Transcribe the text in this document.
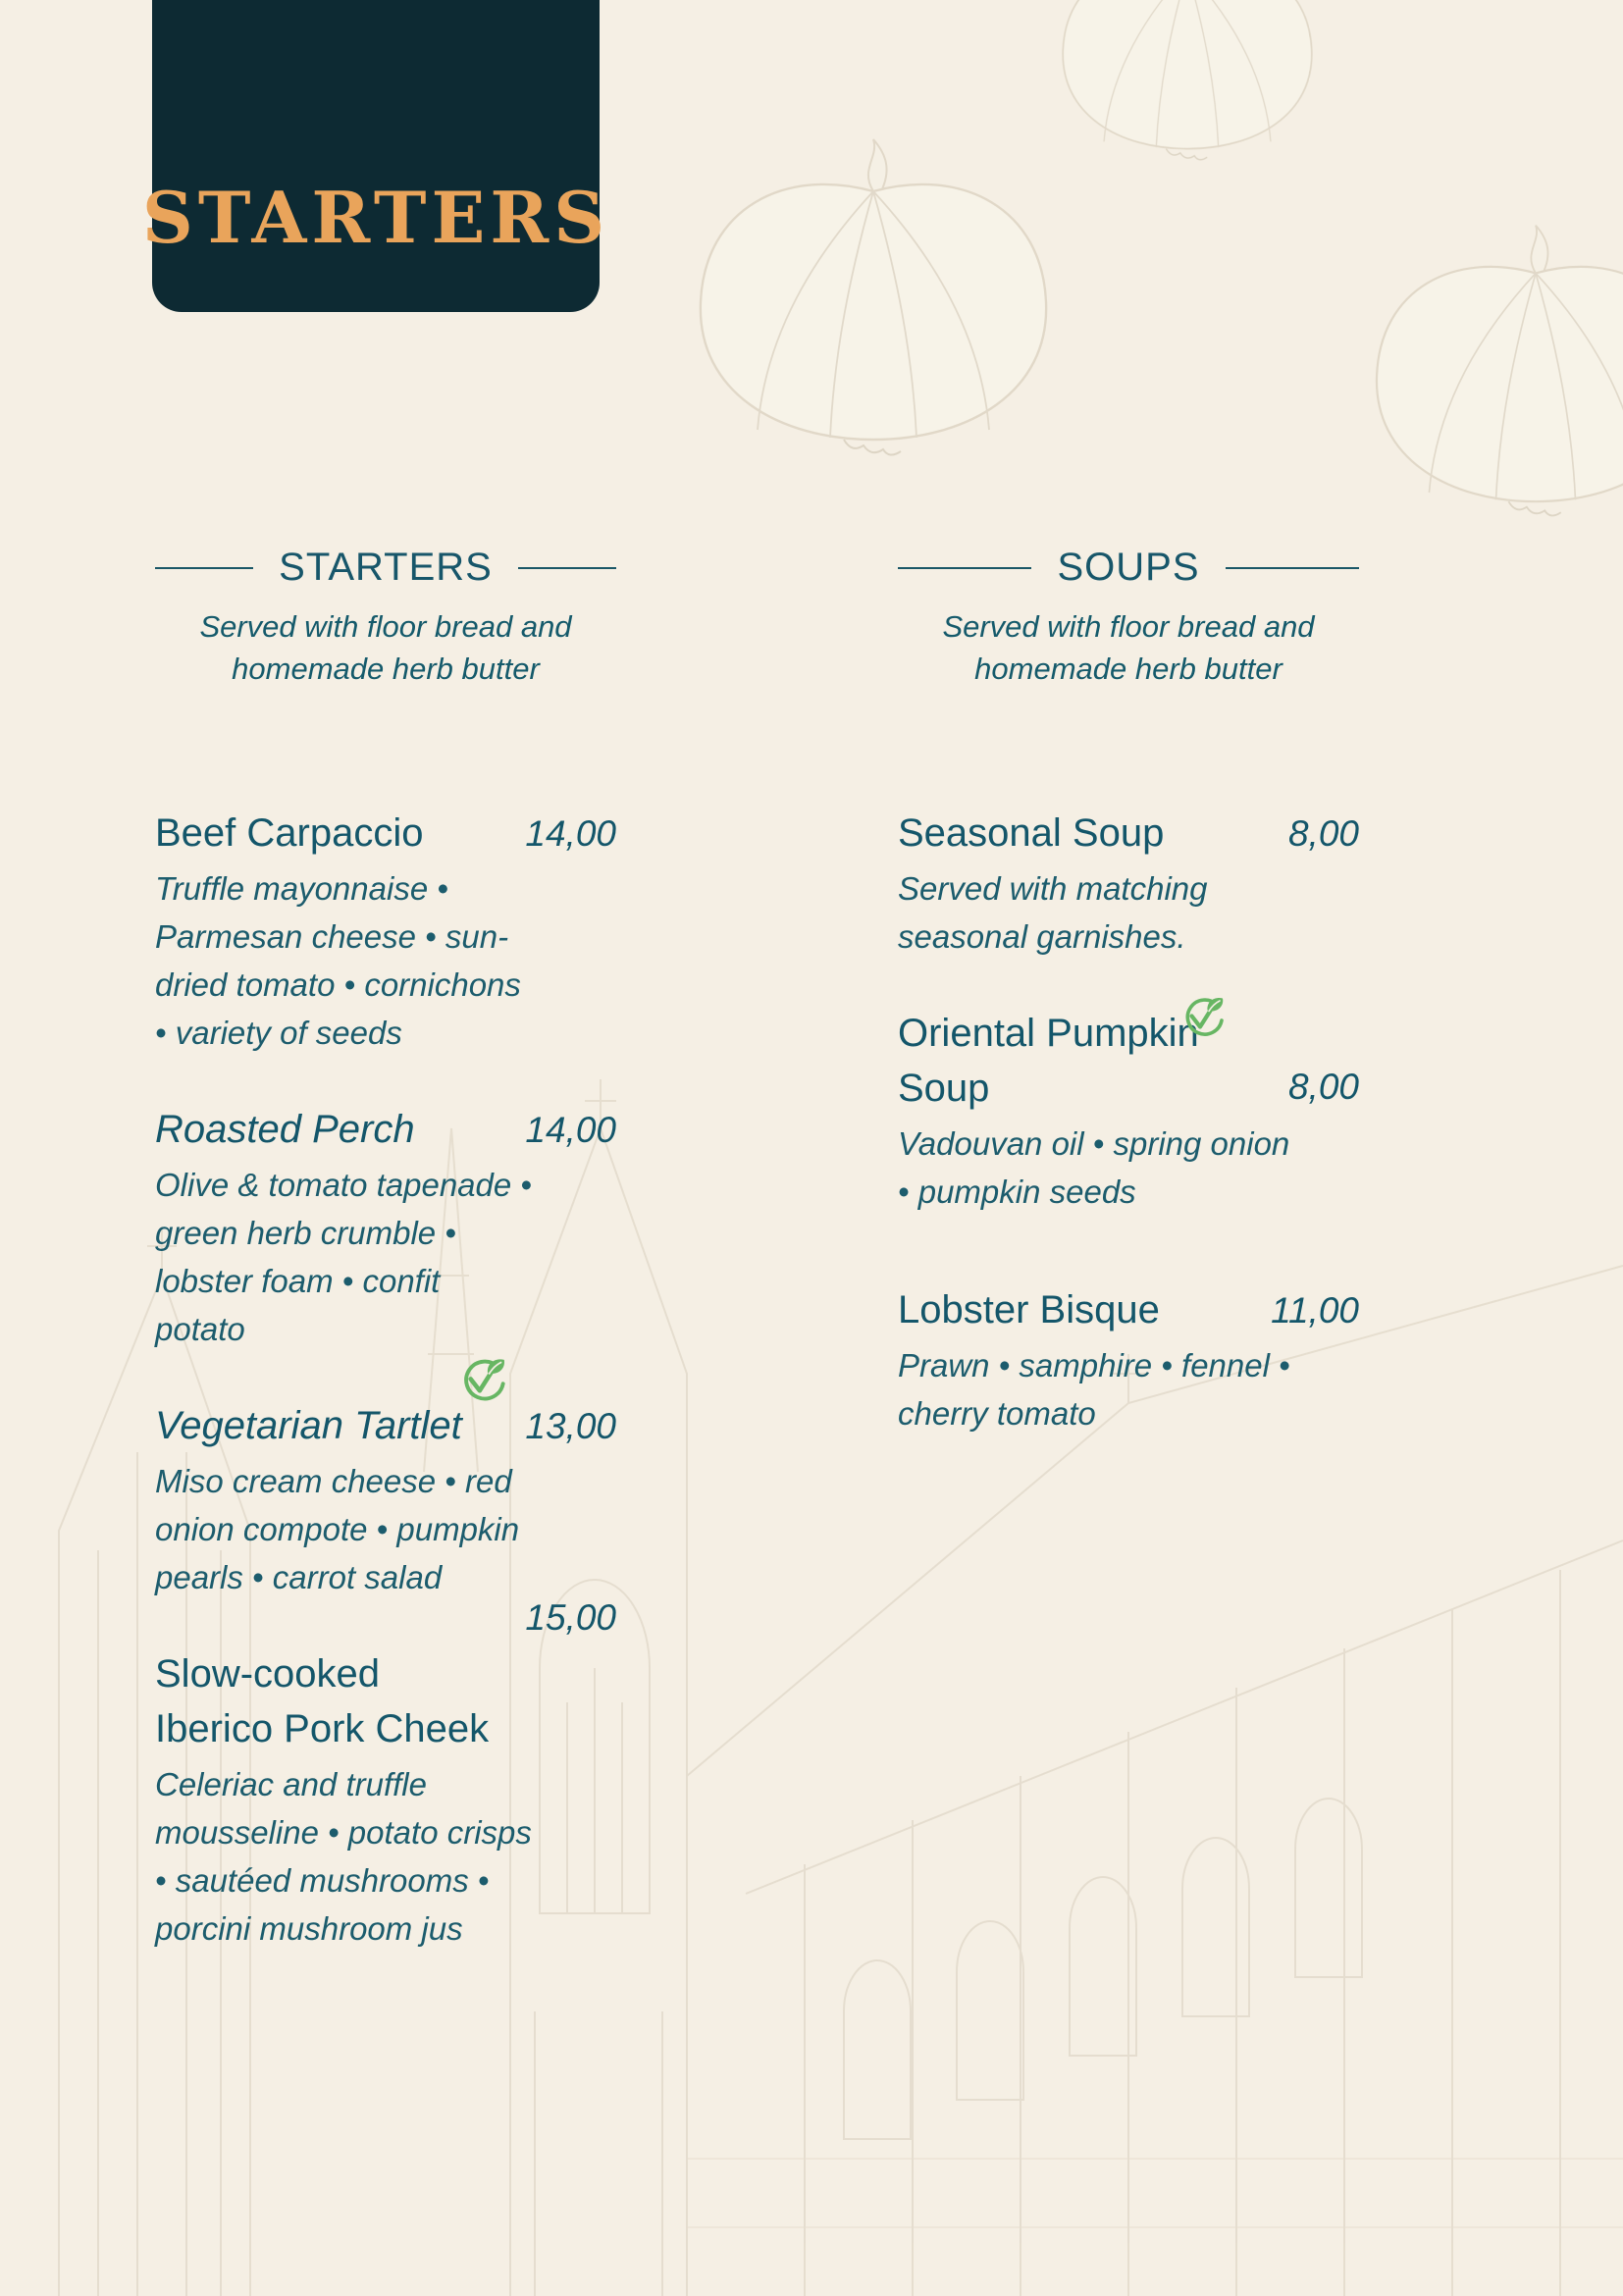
STARTERS
STARTERS

Served with floor bread and homemade herb butter

Beef Carpaccio	14,00

Truffle mayonnaise • Parmesan cheese • sun-dried tomato • cornichons • variety of seeds

Roasted Perch	14,00

Olive & tomato tapenade • green herb crumble • lobster foam • confit potato

Vegetarian Tartlet	13,00

Miso cream cheese • red onion compote • pumpkin pearls • carrot salad

Slow-cooked Iberico Pork Cheek
15,00

Celeriac and truffle mousseline • potato crisps • sautéed mushrooms • porcini mushroom jus

SOUPS

Served with floor bread and homemade herb butter

Seasonal Soup	8,00

Served with matching seasonal garnishes.

Oriental Pumpkin Soup	8,00

Vadouvan oil • spring onion • pumpkin seeds

Lobster Bisque	11,00

Prawn • samphire • fennel • cherry tomato
